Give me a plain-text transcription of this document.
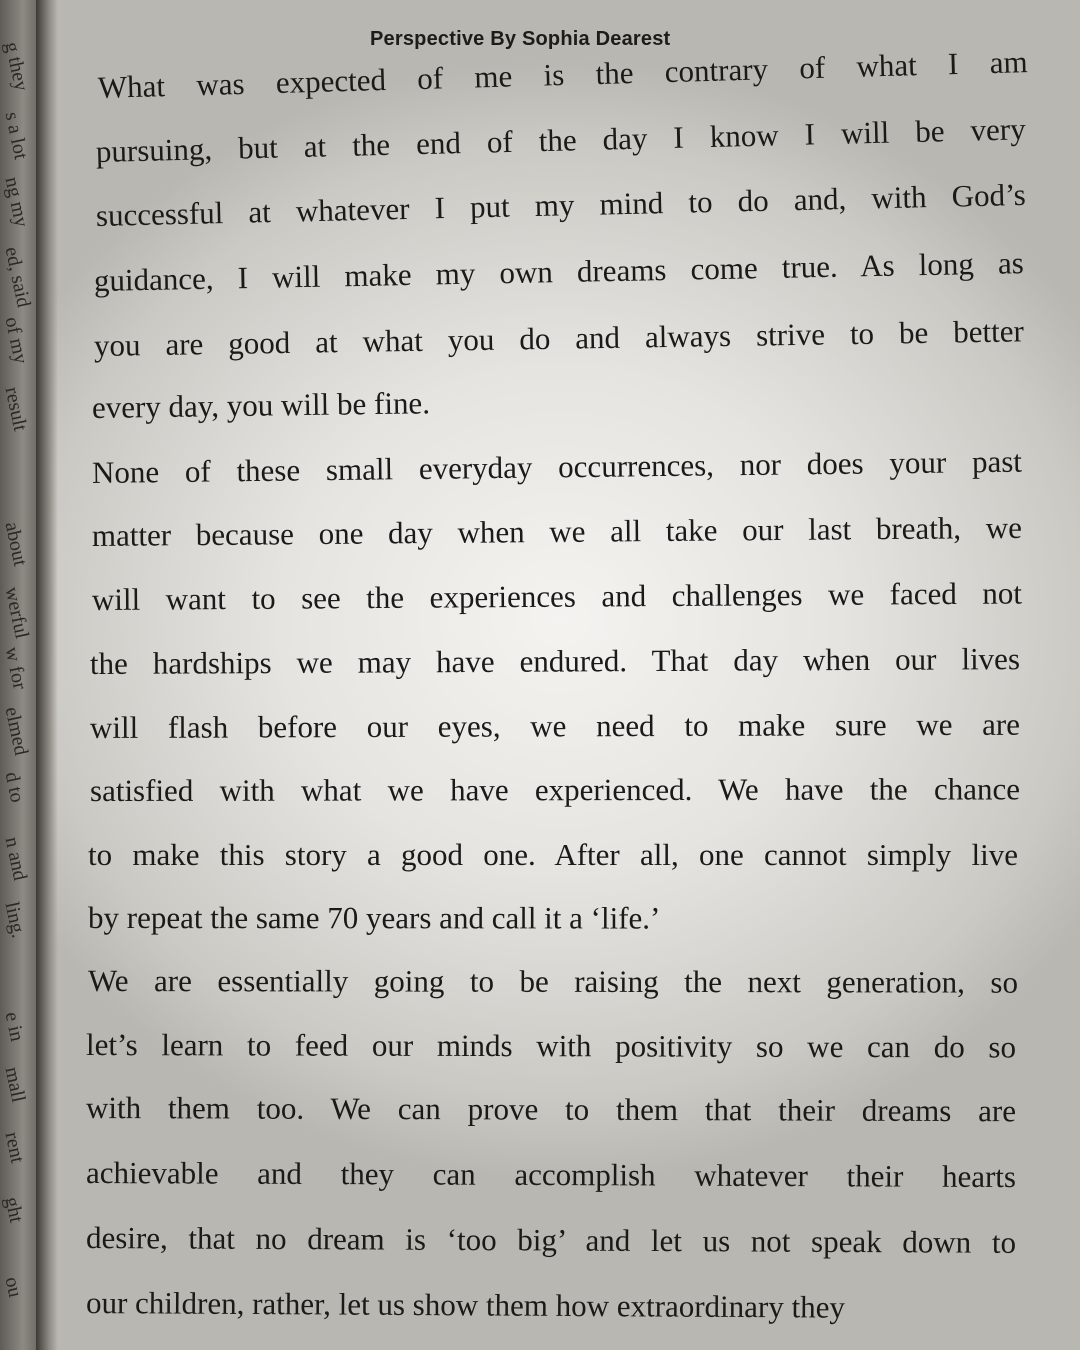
g they
s a lot
ng my
ed, said
of my
result
about
werful
w for
elmed
d to
n and
ling.
e in
mall
rent
ght
ou
Perspective By Sophia Dearest
What was expected of me is the contrary of what I am
pursuing, but at the end of the day I know I will be very
successful at whatever I put my mind to do and, with God’s
guidance, I will make my own dreams come true. As long as
you are good at what you do and always strive to be better
every day, you will be fine.
None of these small everyday occurrences, nor does your past
matter because one day when we all take our last breath, we
will want to see the experiences and challenges we faced not
the hardships we may have endured. That day when our lives
will flash before our eyes, we need to make sure we are
satisfied with what we have experienced. We have the chance
to make this story a good one. After all, one cannot simply live
by repeat the same 70 years and call it a ‘life.’
We are essentially going to be raising the next generation, so
let’s learn to feed our minds with positivity so we can do so
with them too. We can prove to them that their dreams are
achievable and they can accomplish whatever their hearts
desire, that no dream is ‘too big’ and let us not speak down to
our children, rather, let us show them how extraordinary they
